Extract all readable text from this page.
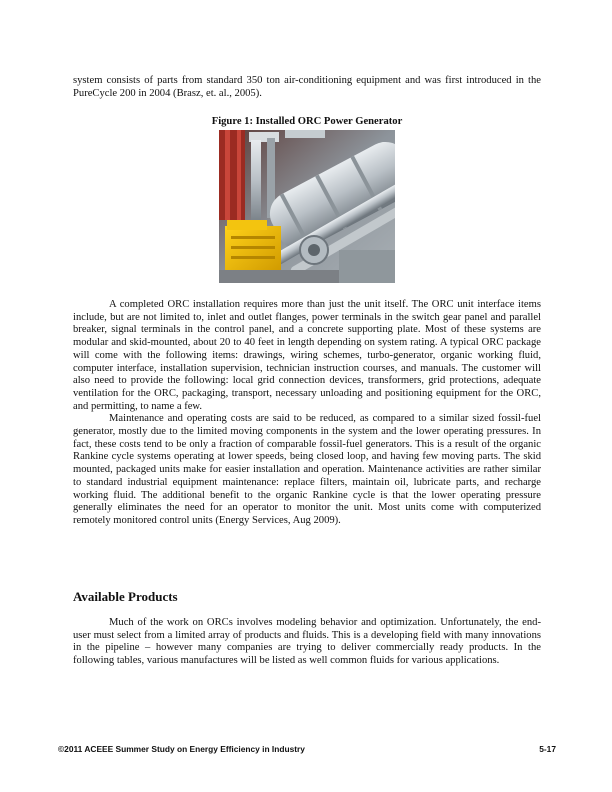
system consists of parts from standard 350 ton air-conditioning equipment and was first introduced in the PureCycle 200 in 2004 (Brasz, et. al., 2005).
Figure 1: Installed ORC Power Generator

A completed ORC installation requires more than just the unit itself. The ORC unit interface items include, but are not limited to, inlet and outlet flanges, power terminals in the switch gear panel and parallel breaker, signal terminals in the control panel, and a concrete supporting plate. Most of these systems are modular and skid-mounted, about 20 to 40 feet in length depending on system rating. A typical ORC package will come with the following items: drawings, wiring schemes, turbo-generator, organic working fluid, computer interface, installation supervision, technician instruction courses, and manuals. The customer will also need to provide the following: local grid connection devices, transformers, grid protections, adequate ventilation for the ORC, packaging, transport, necessary unloading and positioning equipment for the ORC, and permitting, to name a few.

Maintenance and operating costs are said to be reduced, as compared to a similar sized fossil-fuel generator, mostly due to the limited moving components in the system and the lower operating pressures. In fact, these costs tend to be only a fraction of comparable fossil-fuel generators. This is a result of the organic Rankine cycle systems operating at lower speeds, being closed loop, and having few moving parts. The skid mounted, packaged units make for easier installation and operation. Maintenance activities are rather similar to standard industrial equipment maintenance: replace filters, maintain oil, lubricate parts, and recharge working fluid. The additional benefit to the organic Rankine cycle is that the lower operating pressure generally eliminates the need for an operator to monitor the unit. Most units come with computerized remotely monitored control units (Energy Services, Aug 2009).

Available Products

Much of the work on ORCs involves modeling behavior and optimization. Unfortunately, the end-user must select from a limited array of products and fluids. This is a developing field with many innovations in the pipeline – however many companies are trying to deliver commercially ready products. In the following tables, various manufactures will be listed as well common fluids for various applications.

©2011 ACEEE Summer Study on Energy Efficiency in Industry	5-17
